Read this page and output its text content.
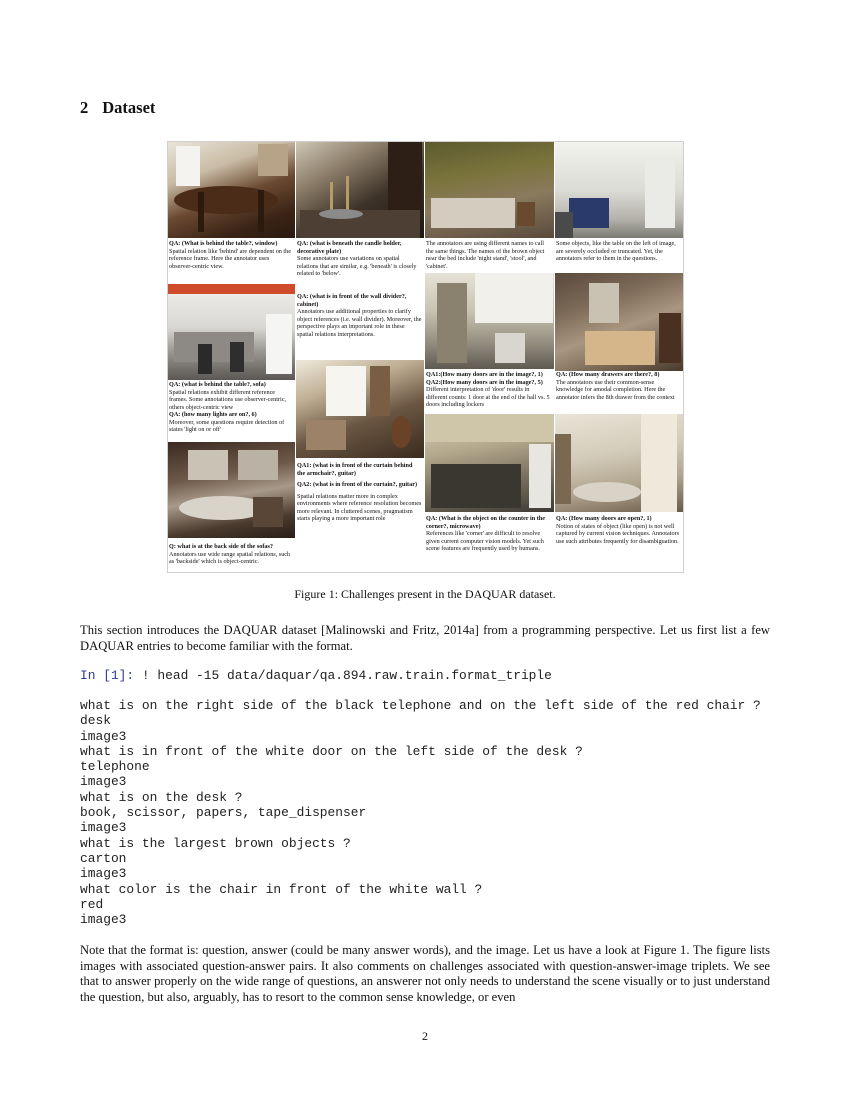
2 Dataset
QA: (What is behind the table?, window)
Spatial relation like 'behind' are dependent on the reference frame. Here the annotator uses observer-centric view.
QA: (what is behind the table?, sofa)
Spatial relations exhibit different reference frames. Some annotations use observer-centric, others object-centric view
QA: (how many lights are on?, 6)
Moreover, some questions require detection of states 'light on or off'
Q: what is at the back side of the sofas?
Annotators use wide range spatial relations, such as 'backside' which is object-centric.
QA: (what is beneath the candle holder, decorative plate)
Some annotators use variations on spatial relations that are similar, e.g. 'beneath' is closely related to 'below'.
QA: (what is in front of the wall divider?, cabinet)
Annotators use additional properties to clarify object references (i.e. wall divider). Moreover, the perspective plays an important role in these spatial relations interpretations.

QA1: (what is in front of the curtain behind the armchair?, guitar)

QA2: (what is in front of the curtain?, guitar)

Spatial relations matter more in complex environments where reference resolution becomes more relevant. In cluttered scenes, pragmatism starts playing a more important role
The annotators are using different names to call the same things. The names of the brown object near the bed include 'night stand', 'stool', and 'cabinet'.
QA1:(How many doors are in the image?, 1) QA2:(How many doors are in the image?, 5)
Different interpretation of 'door' results in different counts: 1 door at the end of the hall vs. 5 doors including lockers
QA: (What is the object on the counter in the corner?, microwave)
References like 'corner' are difficult to resolve given current computer vision models. Yet such scene features are frequently used by humans.
Some objects, like the table on the left of image, are severely occluded or truncated. Yet, the annotators refer to them in the questions.
QA: (How many drawers are there?, 8)
The annotators use their common-sense knowledge for amodal completion. Here the annotator infers the 8th drawer from the context
QA: (How many doors are open?, 1)
Notion of states of object (like open) is not well captured by current vision techniques. Annotators use such attributes frequently for disambiguation.
Figure 1: Challenges present in the DAQUAR dataset.
This section introduces the DAQUAR dataset [Malinowski and Fritz, 2014a] from a programming perspective. Let us first list a few DAQUAR entries to become familiar with the format.
In [1]: ! head -15 data/daquar/qa.894.raw.train.format_triple
what is on the right side of the black telephone and on the left side of the red chair ?
desk
image3
what is in front of the white door on the left side of the desk ?
telephone
image3
what is on the desk ?
book, scissor, papers, tape_dispenser
image3
what is the largest brown objects ?
carton
image3
what color is the chair in front of the white wall ?
red
image3
Note that the format is: question, answer (could be many answer words), and the image. Let us have a look at Figure 1. The figure lists images with associated question-answer pairs. It also comments on challenges associated with question-answer-image triplets. We see that to answer properly on the wide range of questions, an answerer not only needs to understand the scene visually or to just understand the question, but also, arguably, has to resort to the common sense knowledge, or even
2
